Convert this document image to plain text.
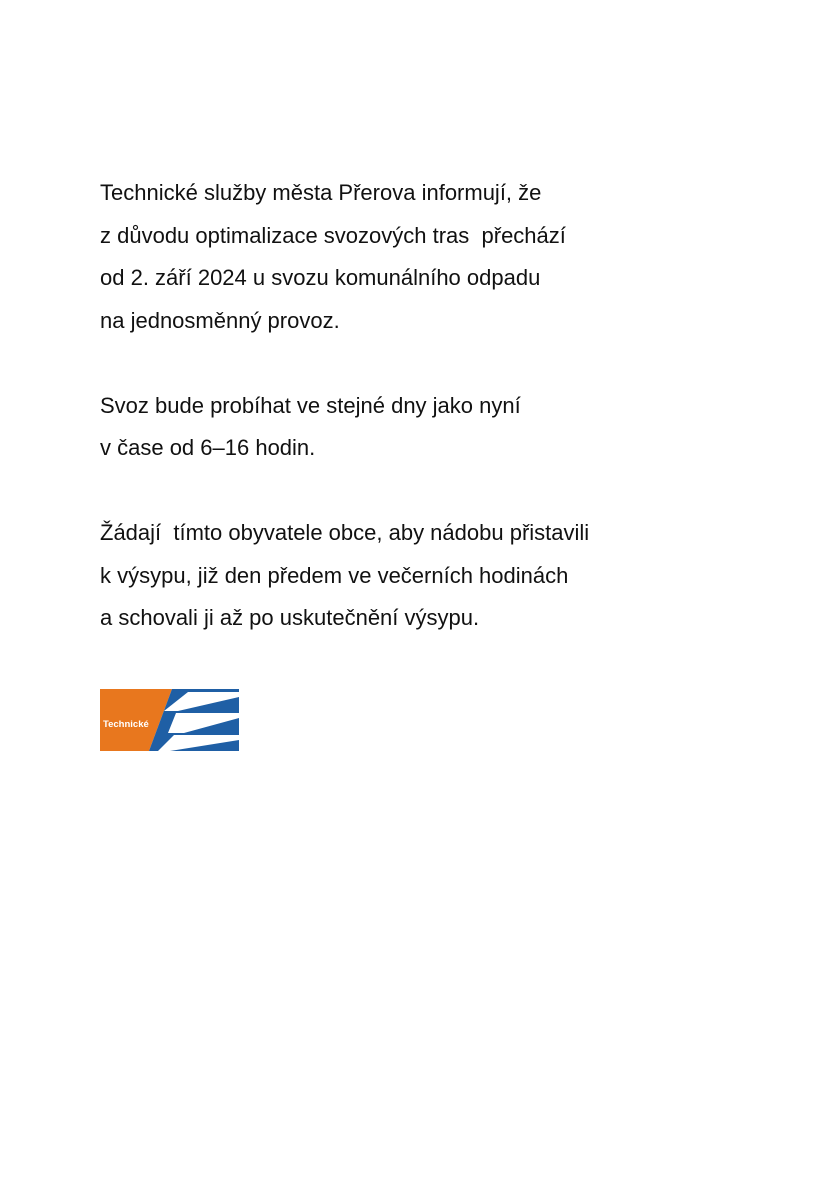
Technické služby města Přerova informují, že

z důvodu optimalizace svozových tras  přechází

od 2. září 2024 u svozu komunálního odpadu

na jednosměnný provoz.

Svoz bude probíhat ve stejné dny jako nyní

v čase od 6–16 hodin.

Žádají  tímto obyvatele obce, aby nádobu přistavili

k výsypu, již den předem ve večerních hodinách

a schovali ji až po uskutečnění výsypu.

Technické

služby

města

Přerova
